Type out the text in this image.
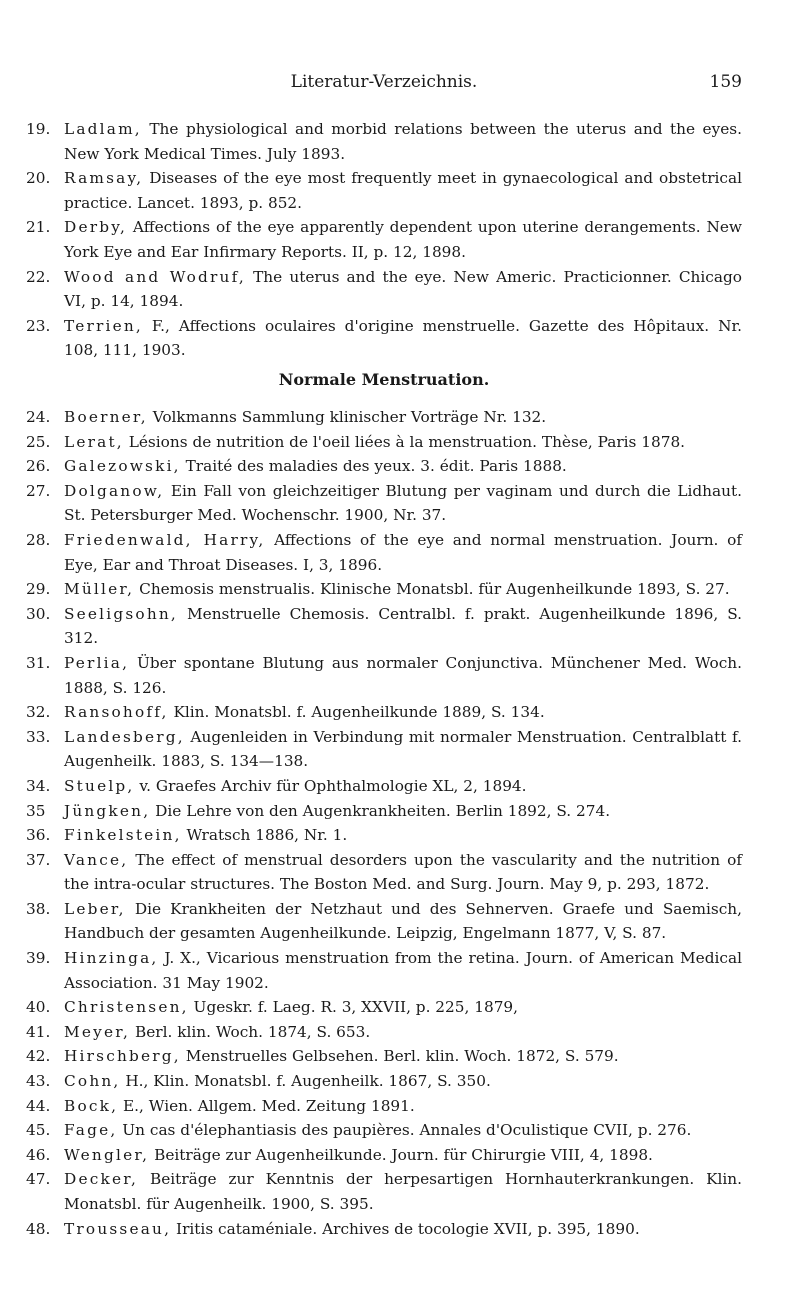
Literatur-Verzeichnis.	159

19. Ladlam, The physiological and morbid relations between the uterus and the eyes. New York Medical Times. July 1893.

20. Ramsay, Diseases of the eye most frequently meet in gynaecological and obstetrical practice. Lancet. 1893, p. 852.

21. Derby, Affections of the eye apparently dependent upon uterine derangements. New York Eye and Ear Infirmary Reports. II, p. 12, 1898.

22. Wood and Wodruf, The uterus and the eye. New Americ. Practicionner. Chicago VI, p. 14, 1894.

23. Terrien, F., Affections oculaires d'origine menstruelle. Gazette des Hôpitaux. Nr. 108, 111, 1903.

Normale Menstruation.

24. Boerner, Volkmanns Sammlung klinischer Vorträge Nr. 132.

25. Lerat, Lésions de nutrition de l'oeil liées à la menstruation. Thèse, Paris 1878.

26. Galezowski, Traité des maladies des yeux. 3. édit. Paris 1888.

27. Dolganow, Ein Fall von gleichzeitiger Blutung per vaginam und durch die Lidhaut. St. Petersburger Med. Wochenschr. 1900, Nr. 37.

28. Friedenwald, Harry, Affections of the eye and normal menstruation. Journ. of Eye, Ear and Throat Diseases. I, 3, 1896.

29. Müller, Chemosis menstrualis. Klinische Monatsbl. für Augenheilkunde 1893, S. 27.

30. Seeligsohn, Menstruelle Chemosis. Centralbl. f. prakt. Augenheilkunde 1896, S. 312.

31. Perlia, Über spontane Blutung aus normaler Conjunctiva. Münchener Med. Woch. 1888, S. 126.

32. Ransohoff, Klin. Monatsbl. f. Augenheilkunde 1889, S. 134.

33. Landesberg, Augenleiden in Verbindung mit normaler Menstruation. Centralblatt f. Augenheilk. 1883, S. 134—138.

34. Stuelp, v. Graefes Archiv für Ophthalmologie XL, 2, 1894.

35	Jüngken, Die Lehre von den Augenkrankheiten. Berlin 1892, S. 274.

36. Finkelstein, Wratsch 1886, Nr. 1.

37. Vance, The effect of menstrual desorders upon the vascularity and the nutrition of the intra-ocular structures. The Boston Med. and Surg. Journ. May 9, p. 293, 1872.

38. Leber, Die Krankheiten der Netzhaut und des Sehnerven. Graefe und Saemisch, Handbuch der gesamten Augenheilkunde. Leipzig, Engelmann 1877, V, S. 87.

39. Hinzinga, J. X., Vicarious menstruation from the retina. Journ. of American Medical Association. 31 May 1902.

40. Christensen, Ugeskr. f. Laeg. R. 3, XXVII, p. 225, 1879,

41. Meyer, Berl. klin. Woch. 1874, S. 653.

42. Hirschberg, Menstruelles Gelbsehen. Berl. klin. Woch. 1872, S. 579.

43. Cohn, H., Klin. Monatsbl. f. Augenheilk. 1867, S. 350.

44. Bock, E., Wien. Allgem. Med. Zeitung 1891.

45. Fage, Un cas d'élephantiasis des paupières. Annales d'Oculistique CVII, p. 276.

46. Wengler, Beiträge zur Augenheilkunde. Journ. für Chirurgie VIII, 4, 1898.

47. Decker, Beiträge zur Kenntnis der herpesartigen Hornhauterkrankungen. Klin. Monatsbl. für Augenheilk. 1900, S. 395.

48. Trousseau, Iritis cataméniale. Archives de tocologie XVII, p. 395, 1890.
